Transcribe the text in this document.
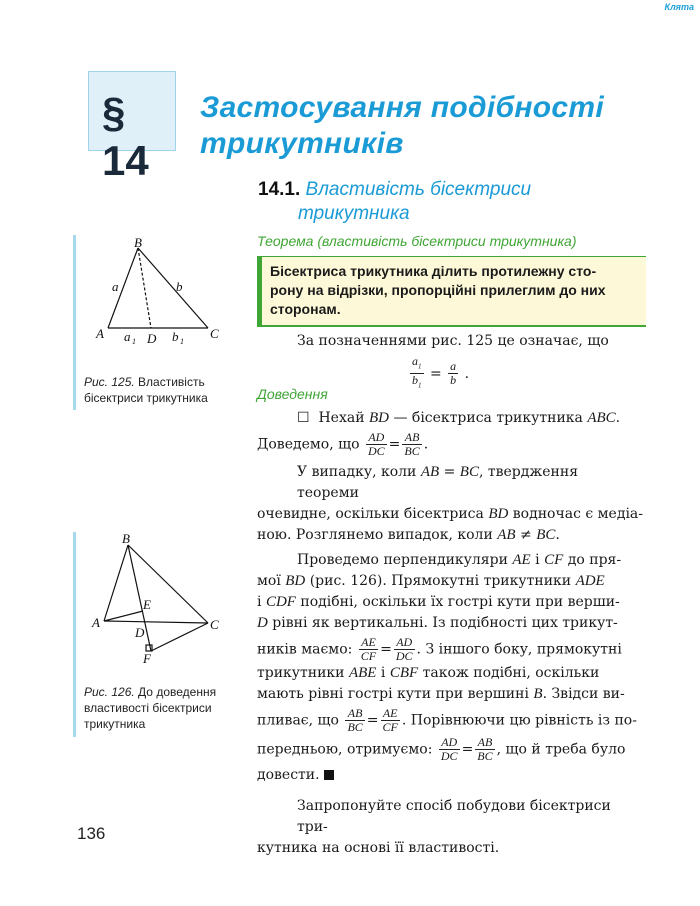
Клята
§ 14
Застосування подібності
трикутників
14.1. Властивість бісектриси
трикутника
Теорема (властивість бісектриси трикутника)
Бісектриса трикутника ділить протилежну сто-
рону на відрізки, пропорційні прилеглим до них
сторонам.
B
A	C
D
a	b
a 1	b 1
Рис. 125. Властивість
бісектриси трикутника
B
A	C
D
E
F
Рис. 126. До доведення
властивості бісектриси
трикутника
За позначеннями рис. 125 це означає, що
$\frac{a_1}{b_1} = \frac{a}{b}$ .
Доведення
☐  Нехай BD — бісектриса трикутника ABC.
Доведемо, що $\frac{AD}{DC} = \frac{AB}{BC}$ .
У випадку, коли AB = BC, твердження теореми
очевидне, оскільки бісектриса BD водночас є медіа-
ною. Розглянемо випадок, коли AB ≠ BC.
Проведемо перпендикуляри AE і CF до пря-
мої BD (рис. 126). Прямокутні трикутники ADE
і CDF подібні, оскільки їх гострі кути при верши-
D рівні як вертикальні. Із подібності цих трикут-
ників маємо: $\frac{AE}{CF} = \frac{AD}{DC}$ . З іншого боку, прямокутні
трикутники ABE і CBF також подібні, оскільки
мають рівні гострі кути при вершині B. Звідси ви-
пливає, що $\frac{AB}{BC} = \frac{AE}{CF}$ . Порівнюючи цю рівність із по-
передньою, отримуємо: $\frac{AD}{DC} = \frac{AB}{BC}$ , що й треба було
довести.
Запропонуйте спосіб побудови бісектриси три-
кутника на основі її властивості.
136
